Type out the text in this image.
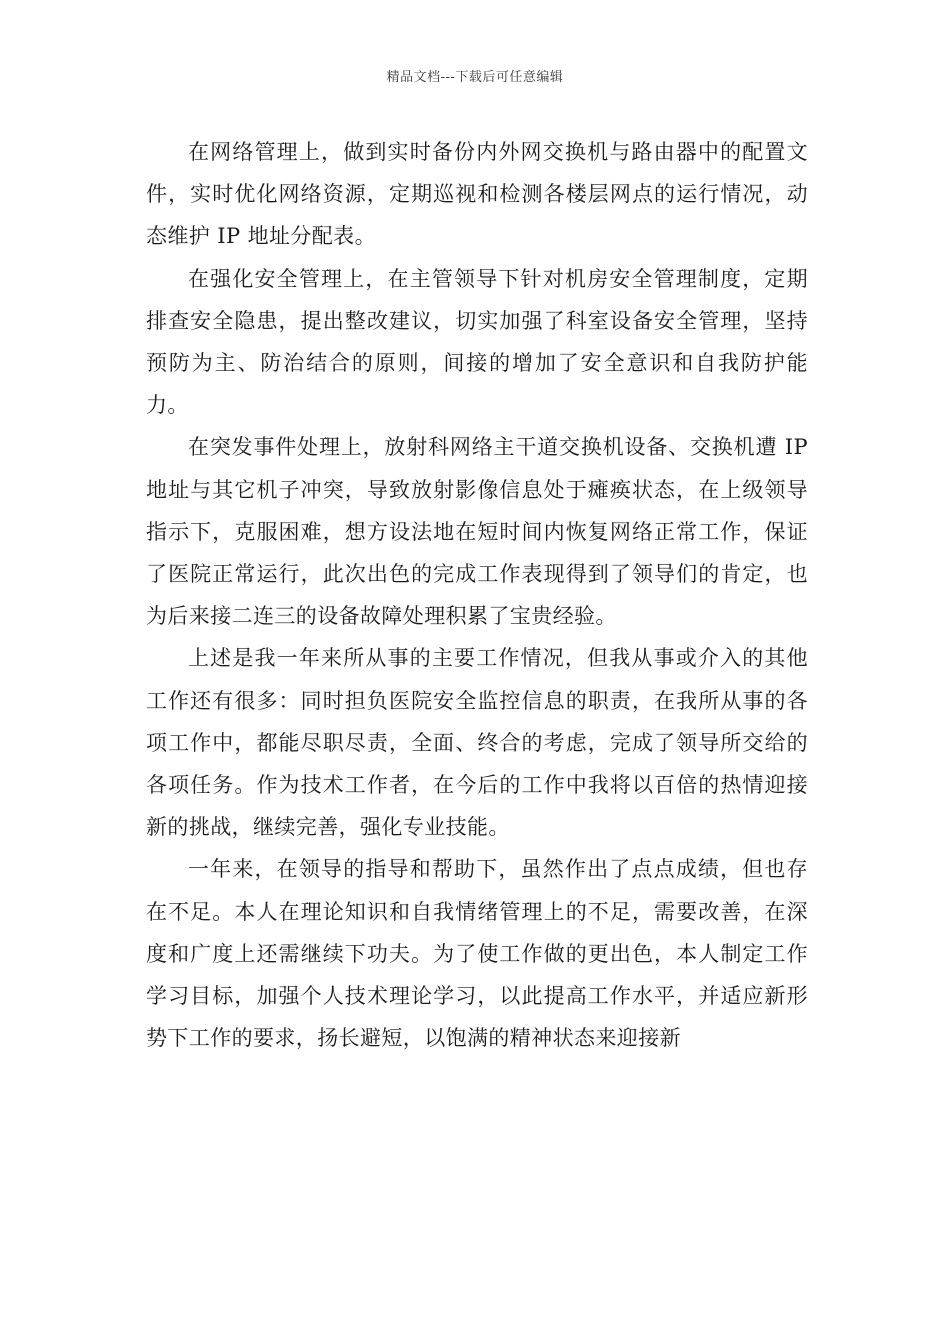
精品文档---下载后可任意编辑

在网络管理上，做到实时备份内外网交换机与路由器中的配置文件，实时优化网络资源，定期巡视和检测各楼层网点的运行情况，动态维护 IP 地址分配表。

在强化安全管理上，在主管领导下针对机房安全管理制度，定期排查安全隐患，提出整改建议，切实加强了科室设备安全管理，坚持预防为主、防治结合的原则，间接的增加了安全意识和自我防护能力。

在突发事件处理上，放射科网络主干道交换机设备、交换机遭 IP 地址与其它机子冲突，导致放射影像信息处于瘫痪状态，在上级领导指示下，克服困难，想方设法地在短时间内恢复网络正常工作，保证了医院正常运行，此次出色的完成工作表现得到了领导们的肯定，也为后来接二连三的设备故障处理积累了宝贵经验。

上述是我一年来所从事的主要工作情况，但我从事或介入的其他工作还有很多：同时担负医院安全监控信息的职责，在我所从事的各项工作中，都能尽职尽责，全面、终合的考虑，完成了领导所交给的各项任务。作为技术工作者，在今后的工作中我将以百倍的热情迎接新的挑战，继续完善，强化专业技能。

一年来，在领导的指导和帮助下，虽然作出了点点成绩，但也存在不足。本人在理论知识和自我情绪管理上的不足，需要改善，在深度和广度上还需继续下功夫。为了使工作做的更出色，本人制定工作学习目标，加强个人技术理论学习，以此提高工作水平，并适应新形势下工作的要求，扬长避短，以饱满的精神状态来迎接新
